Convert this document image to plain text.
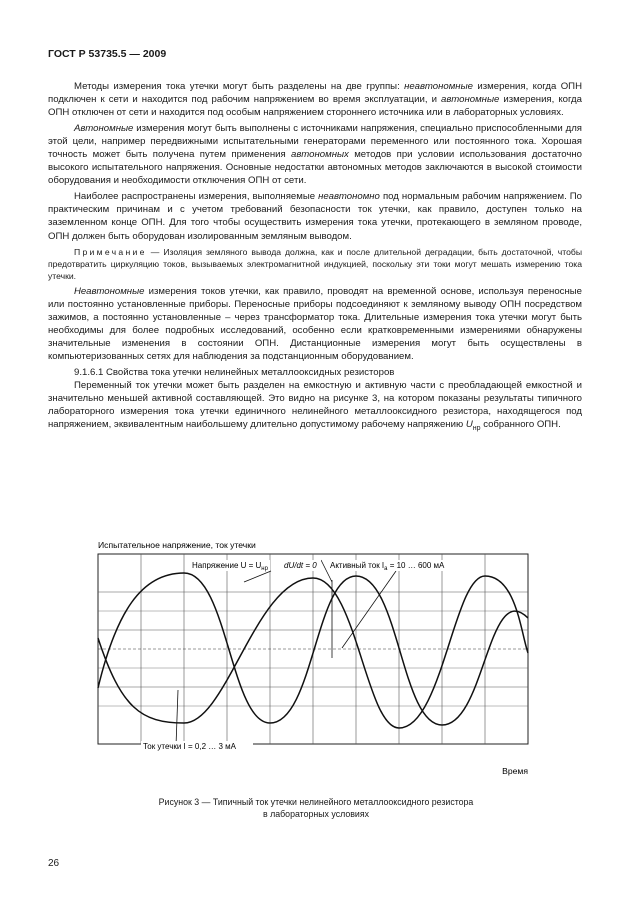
ГОСТ Р 53735.5 — 2009

Методы измерения тока утечки могут быть разделены на две группы: неавтономные измерения, когда ОПН подключен к сети и находится под рабочим напряжением во время эксплуатации, и автономные измерения, когда ОПН отключен от сети и находится под особым напряжением стороннего источника или в лабораторных условиях.

Автономные измерения могут быть выполнены с источниками напряжения, специально приспособленными для этой цели, например передвижными испытательными генераторами переменного или постоянного тока. Хорошая точность может быть получена путем применения автономных методов при условии использования достаточно высокого испытательного напряжения. Основные недостатки автономных методов заключаются в высокой стоимости оборудования и необходимости отключения ОПН от сети.

Наиболее распространены измерения, выполняемые неавтономно под нормальным рабочим напряжением. По практическим причинам и с учетом требований безопасности ток утечки, как правило, доступен только на заземленном конце ОПН. Для того чтобы осуществить измерения тока утечки, протекающего в земляном проводе, ОПН должен быть оборудован изолированным земляным выводом.

Примечание — Изоляция земляного вывода должна, как и после длительной деградации, быть достаточной, чтобы предотвратить циркуляцию токов, вызываемых электромагнитной индукцией, поскольку эти токи могут мешать измерению тока утечки.

Неавтономные измерения токов утечки, как правило, проводят на временной основе, используя переносные или постоянно установленные приборы. Переносные приборы подсоединяют к земляному выводу ОПН посредством зажимов, а постоянно установленные – через трансформатор тока. Длительные измерения тока утечки могут быть необходимы для более подробных исследований, особенно если кратковременными измерениями обнаружены значительные изменения в состоянии ОПН. Дистанционные измерения могут быть осуществлены в компьютеризованных сетях для наблюдения за подстанционным оборудованием.

9.1.6.1 Свойства тока утечки нелинейных металлооксидных резисторов

Переменный ток утечки может быть разделен на емкостную и активную части с преобладающей емкостной и значительно меньшей активной составляющей. Это видно на рисунке 3, на котором показаны результаты типичного лабораторного измерения тока утечки единичного нелинейного металлооксидного резистора, находящегося под напряжением, эквивалентным наибольшему длительно допустимому рабочему напряжению $U_{нр}$ собранного ОПН.

Испытательное напряжение, ток утечки
Напряжение $U = U_{нр}$ dU/dt = 0 Активный ток $I_а = 10$ … 600 мА
Ток утечки I = 0,2 … 3 мА
Время
Рисунок 3 — Типичный ток утечки нелинейного металлооксидного резистора
в лабораторных условиях
26
